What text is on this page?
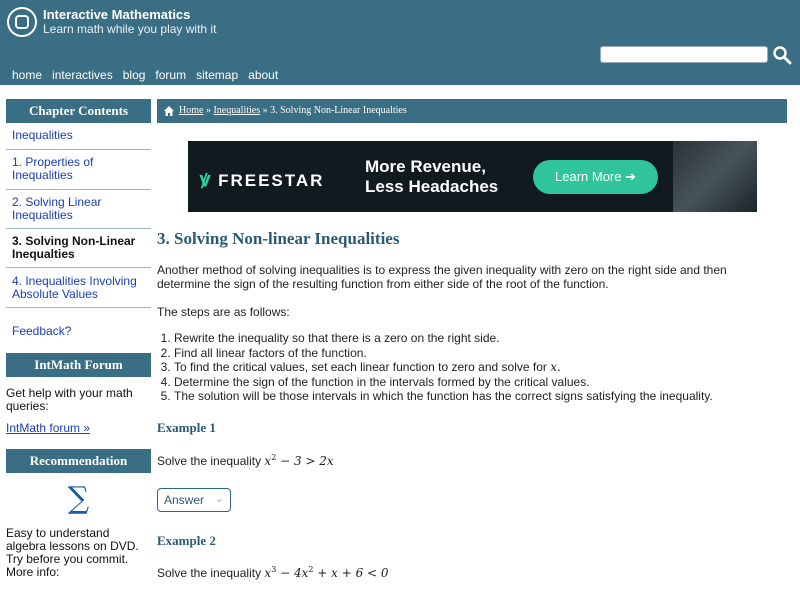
Interactive Mathematics
Learn math while you play with it
home interactives blog forum sitemap about
Chapter Contents
Inequalities
1. Properties of Inequalities
2. Solving Linear Inequalities
3. Solving Non-Linear Inequalties
4. Inequalities Involving Absolute Values
Feedback?
IntMath Forum
Get help with your math queries:
IntMath forum »
Recommendation
∑
Easy to understand algebra lessons on DVD. Try before you commit. More info:
Home » Inequalities » 3. Solving Non-Linear Inequalties
ꝟ FREESTAR
More Revenue,
Less Headaches
Learn More ➔
3. Solving Non-linear Inequalities
Another method of solving inequalities is to express the given inequality with zero on the right side and then determine the sign of the resulting function from either side of the root of the function.
The steps are as follows:
1. Rewrite the inequality so that there is a zero on the right side.
2. Find all linear factors of the function.
3. To find the critical values, set each linear function to zero and solve for x.
4. Determine the sign of the function in the intervals formed by the critical values.
5. The solution will be those intervals in which the function has the correct signs satisfying the inequality.
Example 1
Solve the inequality $x^2 - 3 > 2x$
Answer ⌄
Example 2
Solve the inequality $x^3 - 4x^2 + x + 6 < 0$
